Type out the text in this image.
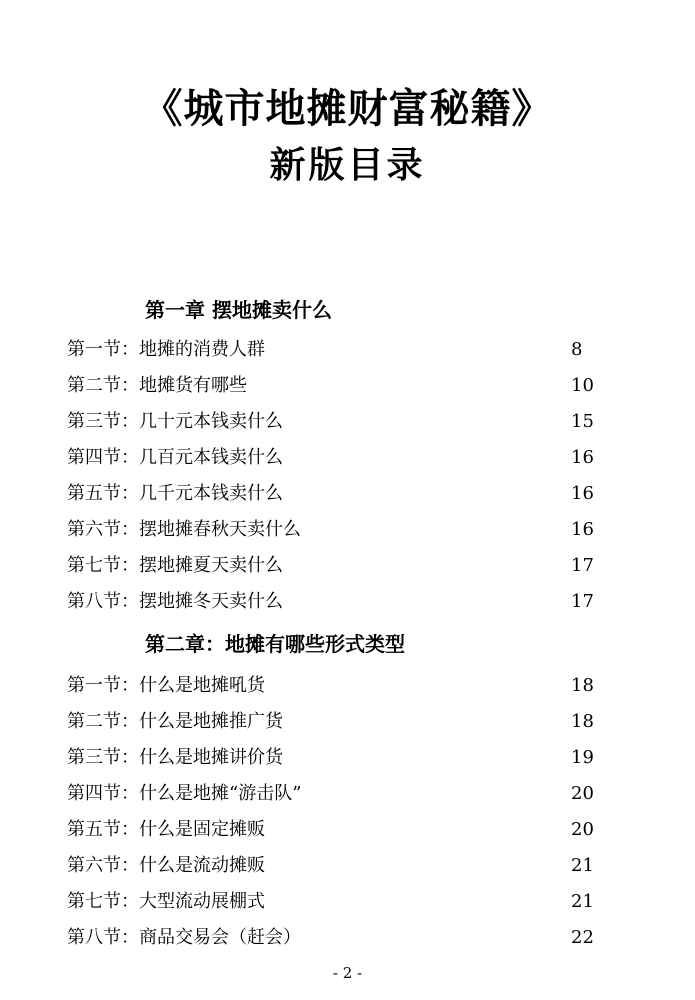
《城市地摊财富秘籍》
新版目录
第一章 摆地摊卖什么
第一节：地摊的消费人群	8
第二节：地摊货有哪些	10
第三节：几十元本钱卖什么	15
第四节：几百元本钱卖什么	16
第五节：几千元本钱卖什么	16
第六节：摆地摊春秋天卖什么	16
第七节：摆地摊夏天卖什么	17
第八节：摆地摊冬天卖什么	17
第二章：地摊有哪些形式类型
第一节：什么是地摊吼货	18
第二节：什么是地摊推广货	18
第三节：什么是地摊讲价货	19
第四节：什么是地摊“游击队”	20
第五节：什么是固定摊贩	20
第六节：什么是流动摊贩	21
第七节：大型流动展棚式	21
第八节：商品交易会（赶会）	22
- 2 -
